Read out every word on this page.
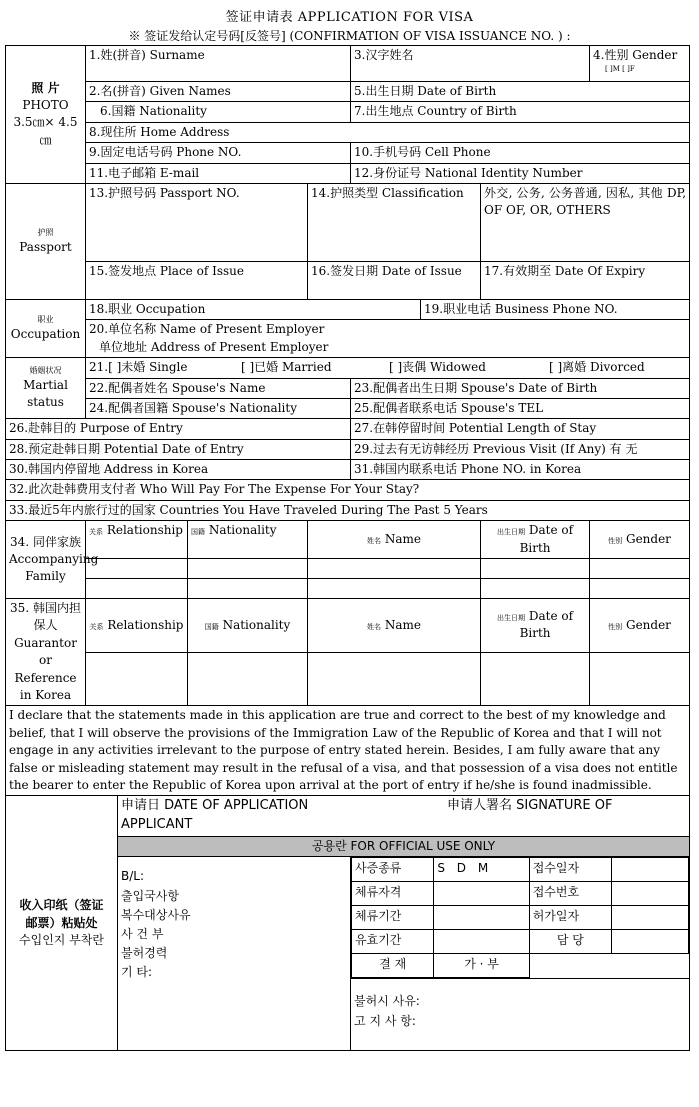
签证申请表 APPLICATION FOR VISA
※ 签证发给认定号码[反签号] (CONFIRMATION OF VISA ISSUANCE NO. ) :
照 片
PHOTO
3.5㎝× 4.5㎝
	1.姓(拼音) Surname	3.汉字姓名	4.性别 Gender
[ ]M [ ]F

2.名(拼音) Given Names	5.出生日期 Date of Birth
6.国籍 Nationality	7.出生地点 Country of Birth
8.现住所 Home Address
9.固定电话号码 Phone NO.	10.手机号码 Cell Phone
11.电子邮箱 E-mail	12.身份证号 National Identity Number

护照
Passport
	13.护照号码 Passport NO.	14.护照类型 Classification	外交, 公务, 公务普通, 因私, 其他 DP, OF OF, OR, OTHERS
15.签发地点 Place of Issue	16.签发日期 Date of Issue	17.有效期至 Date Of Expiry

职业
Occupation
	18.职业 Occupation	19.职业电话 Business Phone NO.

20.单位名称 Name of Present Employer
单位地址 Address of Present Employer

婚姻状况
Martial status
	21.[ ]未婚 Single	[ ]已婚 Married	[ ]丧偶 Widowed	[ ]离婚 Divorced
22.配偶者姓名 Spouse's Name	23.配偶者出生日期 Spouse's Date of Birth
24.配偶者国籍 Spouse's Nationality	25.配偶者联系电话 Spouse's TEL
26.赴韩目的 Purpose of Entry	27.在韩停留时间 Potential Length of Stay
28.预定赴韩日期 Potential Date of Entry	29.过去有无访韩经历 Previous Visit (If Any) 有 无
30.韩国内停留地 Address in Korea	31.韩国内联系电话 Phone NO. in Korea
32.此次赴韩费用支付者 Who Will Pay For The Expense For Your Stay?
33.最近5年内旅行过的国家 Countries You Have Traveled During The Past 5 Years
34. 同伴家族 Accompanying Family	关系 Relationship	国籍 Nationality	姓名 Name	出生日期 Date of Birth	性别 Gender

35. 韩国内担保人 Guarantor or Reference in Korea	关系 Relationship	国籍 Nationality	姓名 Name	出生日期 Date of Birth	性别 Gender

I declare that the statements made in this application are true and correct to the best of my knowledge and belief, that I will observe the provisions of the Immigration Law of the Republic of Korea and that I will not engage in any activities irrelevant to the purpose of entry stated herein. Besides, I am fully aware that any false or misleading statement may result in the refusal of a visa, and that possession of a visa does not entitle the bearer to enter the Republic of Korea upon arrival at the port of entry if he/she is found inadmissible.

收入印纸（签证邮票）粘贴处
수입인지 부착란
	申请日 DATE OF APPLICATION	申请人署名 SIGNATURE OF APPLICANT
공용란 FOR OFFICIAL USE ONLY

B/L:
출입국사항
복수대상사유
사 건 부
불허경력
기 타:

사증종류	S D M	접수일자	
체류자격		접수번호	
체류기간		허가일자	
유효기간		담 당	
결 재	가 · 부		
불허시 사유:
고 지 사 항:
